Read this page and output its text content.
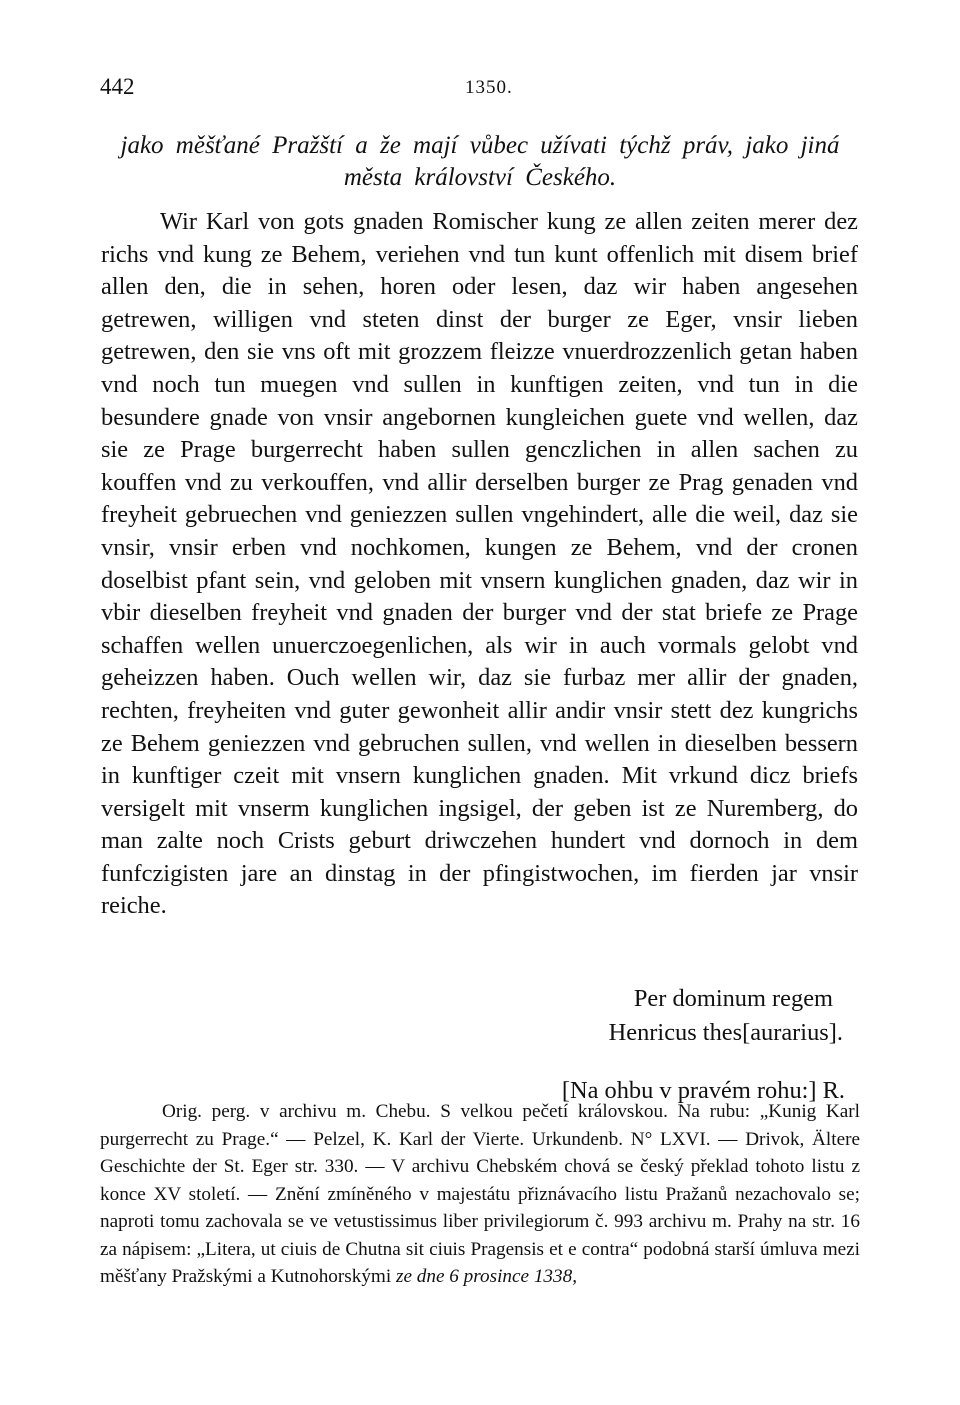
442	1350.
jako měšťané Pražští a že mají vůbec užívati týchž práv, jako jiná
města království Českého.

Wir Karl von gots gnaden Romischer kung ze allen zeiten merer dez richs vnd kung ze Behem, veriehen vnd tun kunt offenlich mit disem brief allen den, die in sehen, horen oder lesen, daz wir haben angesehen getrewen, willigen vnd steten dinst der burger ze Eger, vnsir lieben getrewen, den sie vns oft mit grozzem fleizze vnuerdrozzenlich getan haben vnd noch tun muegen vnd sullen in kunftigen zeiten, vnd tun in die besundere gnade von vnsir angebornen kungleichen guete vnd wellen, daz sie ze Prage burgerrecht haben sullen genczlichen in allen sachen zu kouffen vnd zu verkouffen, vnd allir derselben burger ze Prag genaden vnd freyheit gebruechen vnd geniezzen sullen vngehindert, alle die weil, daz sie vnsir, vnsir erben vnd nochkomen, kungen ze Behem, vnd der cronen doselbist pfant sein, vnd geloben mit vnsern kunglichen gnaden, daz wir in vbir dieselben freyheit vnd gnaden der burger vnd der stat briefe ze Prage schaffen wellen unuerczoegenlichen, als wir in auch vormals gelobt vnd geheizzen haben. Ouch wellen wir, daz sie furbaz mer allir der gnaden, rechten, freyheiten vnd guter gewonheit allir andir vnsir stett dez kungrichs ze Behem geniezzen vnd gebruchen sullen, vnd wellen in dieselben bessern in kunftiger czeit mit vnsern kunglichen gnaden. Mit vrkund dicz briefs versigelt mit vnserm kunglichen ingsigel, der geben ist ze Nuremberg, do man zalte noch Crists geburt driwczehen hundert vnd dornoch in dem funfczigisten jare an dinstag in der pfingistwochen, im fierden jar vnsir reiche.

Per dominum regem
Henricus thes[aurarius].
[Na ohbu v pravém rohu:] R.

Orig. perg. v archivu m. Chebu. S velkou pečetí královskou. Na rubu: „Kunig Karl purgerrecht zu Prage.“ — Pelzel, K. Karl der Vierte. Urkundenb. N° LXVI. — Drivok, Ältere Geschichte der St. Eger str. 330. — V archivu Chebském chová se český překlad tohoto listu z konce XV století. — Znění zmíněného v majestátu přiznávacího listu Pražanů nezachovalo se; naproti tomu zachovala se ve vetustissimus liber privilegiorum č. 993 archivu m. Prahy na str. 16 za nápisem: „Litera, ut ciuis de Chutna sit ciuis Pragensis et e contra“ podobná starší úmluva mezi měšťany Pražskými a Kutnohorskými ze dne 6 prosince 1338,
